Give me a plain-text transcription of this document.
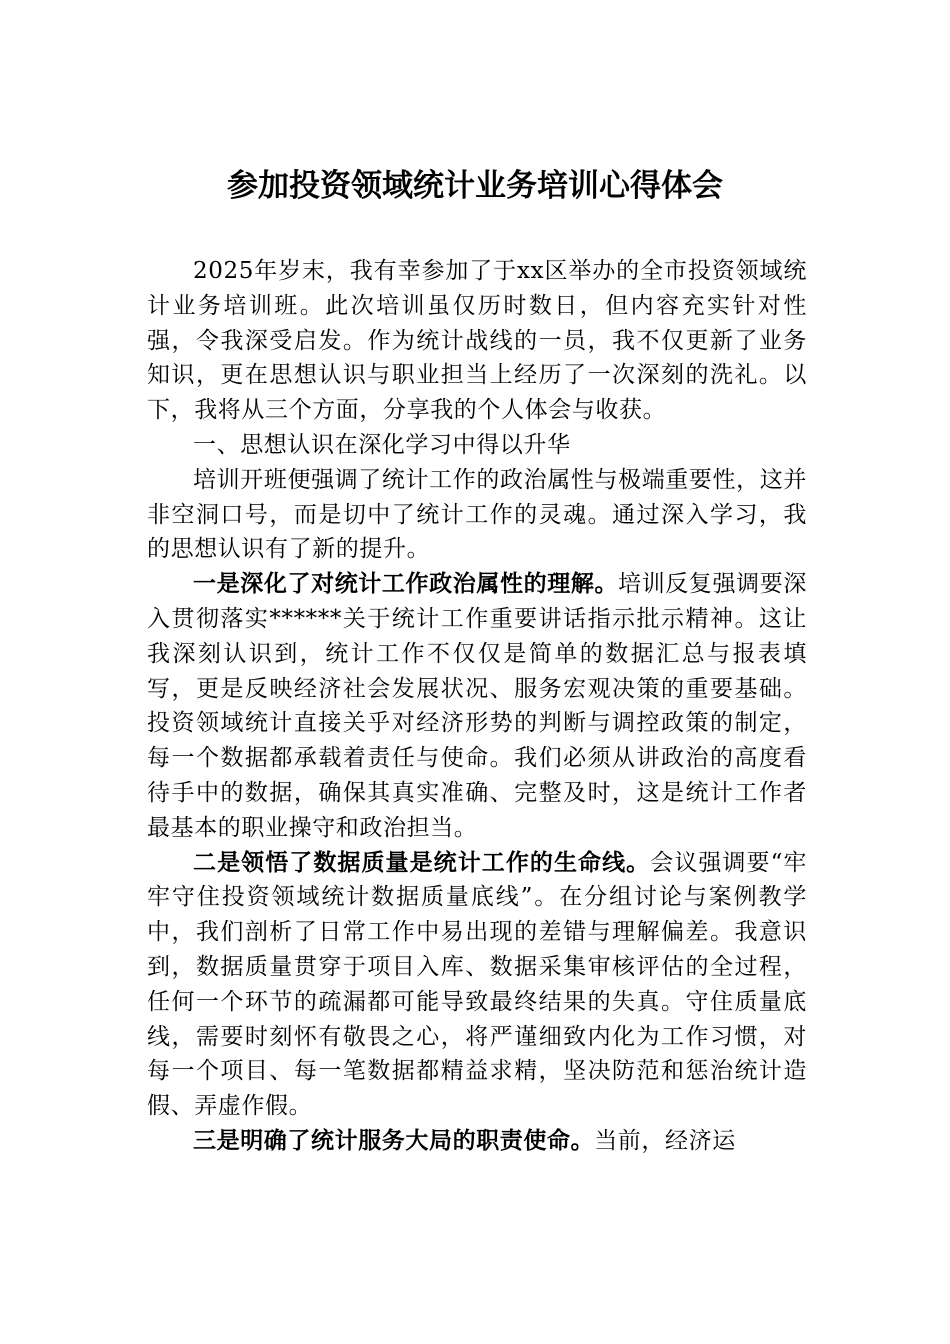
参加投资领域统计业务培训心得体会

2025年岁末，我有幸参加了于xx区举办的全市投资领域统计业务培训班。此次培训虽仅历时数日，但内容充实针对性强，令我深受启发。作为统计战线的一员，我不仅更新了业务知识，更在思想认识与职业担当上经历了一次深刻的洗礼。以下，我将从三个方面，分享我的个人体会与收获。

一、思想认识在深化学习中得以升华

培训开班便强调了统计工作的政治属性与极端重要性，这并非空洞口号，而是切中了统计工作的灵魂。通过深入学习，我的思想认识有了新的提升。

一是深化了对统计工作政治属性的理解。培训反复强调要深入贯彻落实******关于统计工作重要讲话指示批示精神。这让我深刻认识到，统计工作不仅仅是简单的数据汇总与报表填写，更是反映经济社会发展状况、服务宏观决策的重要基础。投资领域统计直接关乎对经济形势的判断与调控政策的制定，每一个数据都承载着责任与使命。我们必须从讲政治的高度看待手中的数据，确保其真实准确、完整及时，这是统计工作者最基本的职业操守和政治担当。

二是领悟了数据质量是统计工作的生命线。会议强调要“牢牢守住投资领域统计数据质量底线”。在分组讨论与案例教学中，我们剖析了日常工作中易出现的差错与理解偏差。我意识到，数据质量贯穿于项目入库、数据采集审核评估的全过程，任何一个环节的疏漏都可能导致最终结果的失真。守住质量底线，需要时刻怀有敬畏之心，将严谨细致内化为工作习惯，对每一个项目、每一笔数据都精益求精，坚决防范和惩治统计造假、弄虚作假。

三是明确了统计服务大局的职责使命。当前，经济运
